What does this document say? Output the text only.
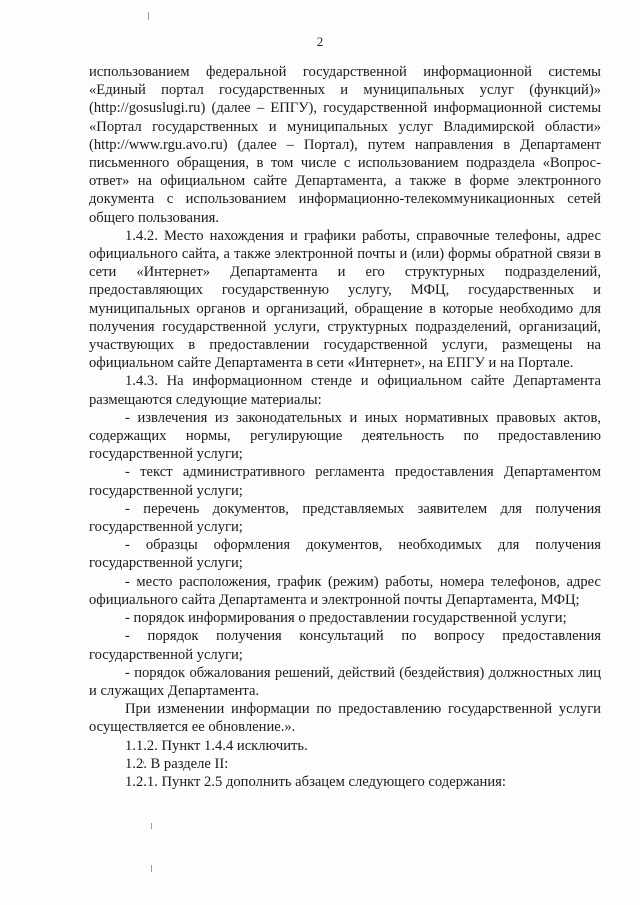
2

использованием федеральной государственной информационной системы «Единый портал государственных и муниципальных услуг (функций)» (http://gosuslugi.ru) (далее – ЕПГУ), государственной информационной системы «Портал государственных и муниципальных услуг Владимирской области» (http://www.rgu.avo.ru) (далее – Портал), путем направления в Департамент письменного обращения, в том числе с использованием подраздела «Вопрос-ответ» на официальном сайте Департамента, а также в форме электронного документа с использованием информационно-телекоммуникационных сетей общего пользования.

1.4.2. Место нахождения и графики работы, справочные телефоны, адрес официального сайта, а также электронной почты и (или) формы обратной связи в сети «Интернет» Департамента и его структурных подразделений, предоставляющих государственную услугу, МФЦ, государственных и муниципальных органов и организаций, обращение в которые необходимо для получения государственной услуги, структурных подразделений, организаций, участвующих в предоставлении государственной услуги, размещены на официальном сайте Департамента в сети «Интернет», на ЕПГУ и на Портале.

1.4.3. На информационном стенде и официальном сайте Департамента размещаются следующие материалы:

- извлечения из законодательных и иных нормативных правовых актов, содержащих нормы, регулирующие деятельность по предоставлению государственной услуги;

- текст административного регламента предоставления Департаментом государственной услуги;

- перечень документов, представляемых заявителем для получения государственной услуги;

- образцы оформления документов, необходимых для получения государственной услуги;

- место расположения, график (режим) работы, номера телефонов, адрес официального сайта Департамента и электронной почты Департамента, МФЦ;

- порядок информирования о предоставлении государственной услуги;

- порядок получения консультаций по вопросу предоставления государственной услуги;

- порядок обжалования решений, действий (бездействия) должностных лиц и служащих Департамента.

При изменении информации по предоставлению государственной услуги осуществляется ее обновление.».

1.1.2. Пункт 1.4.4 исключить.

1.2. В разделе II:

1.2.1. Пункт 2.5 дополнить абзацем следующего содержания:
